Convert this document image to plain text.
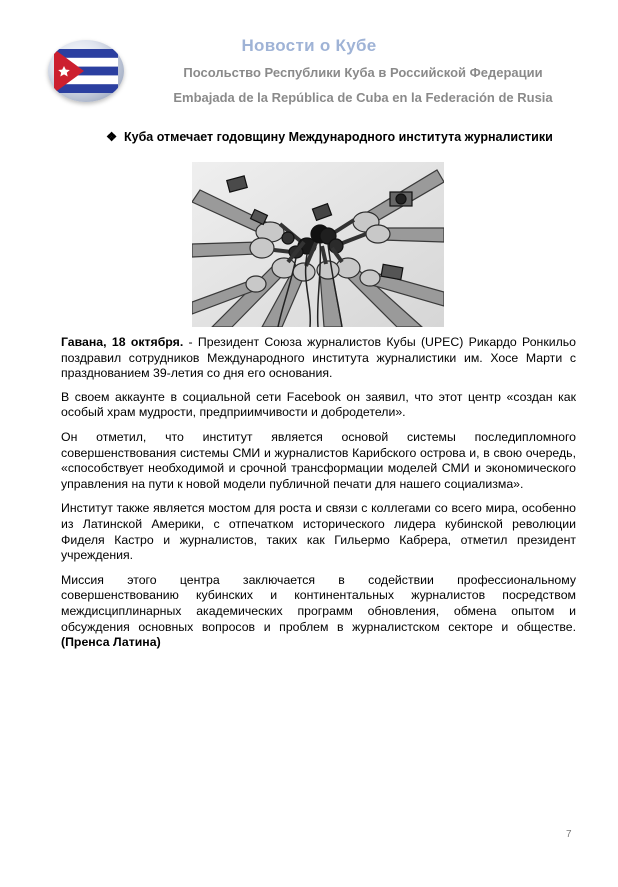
Новости о Кубе
Посольство Республики Куба в Российской Федерации
Embajada de la República de Cuba en la Federación de Rusia
❖ Куба отмечает годовщину Международного института журналистики

Гавана, 18 октября. - Президент Союза журналистов Кубы (UPEC) Рикардо Ронкильо поздравил сотрудников Международного института журналистики им. Хосе Марти с празднованием 39-летия со дня его основания.

В своем аккаунте в социальной сети Facebook он заявил, что этот центр «создан как особый храм мудрости, предприимчивости и добродетели».

Он отметил, что институт является основой системы последипломного совершенствования системы СМИ и журналистов Карибского острова и, в свою очередь, «способствует необходимой и срочной трансформации моделей СМИ и экономического управления на пути к новой модели публичной печати для нашего социализма».

Институт также является мостом для роста и связи с коллегами со всего мира, особенно из Латинской Америки, с отпечатком исторического лидера кубинской революции Фиделя Кастро и журналистов, таких как Гильермо Кабрера, отметил президент учреждения.

Миссия этого центра заключается в содействии профессиональному совершенствованию кубинских и континентальных журналистов посредством междисциплинарных академических программ обновления, обмена опытом и обсуждения основных вопросов и проблем в журналистском секторе и обществе. (Пренса Латина)

7
